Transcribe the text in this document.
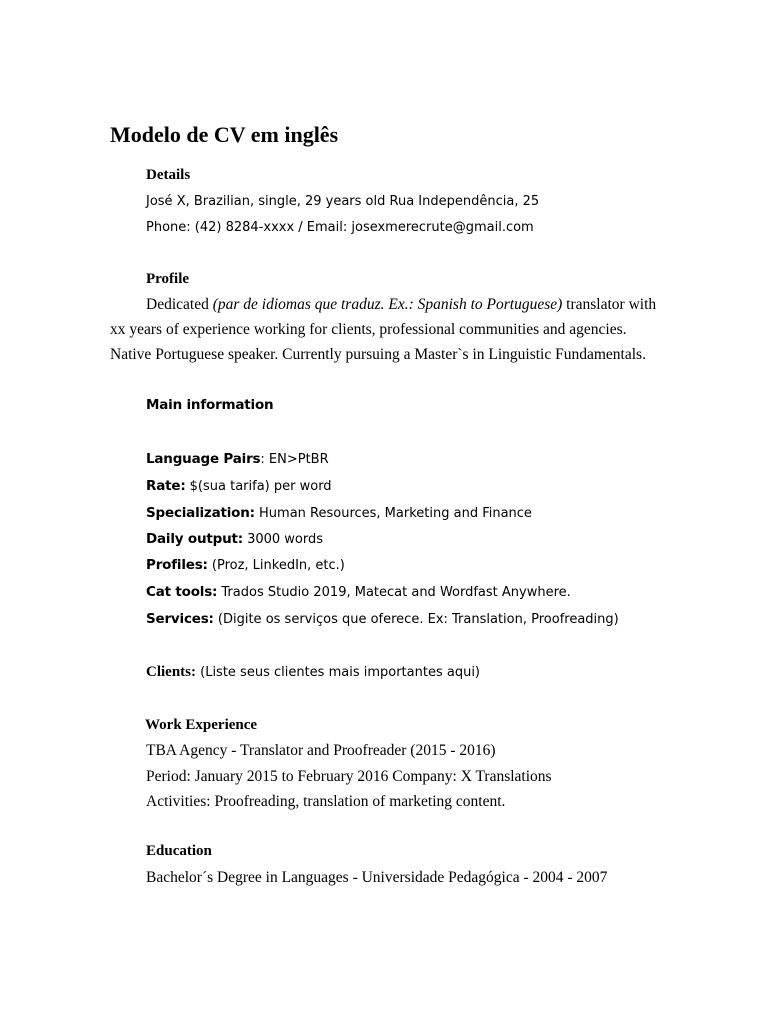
Modelo de CV em inglês
Details
José X, Brazilian, single, 29 years old Rua Independência, 25
Phone: (42) 8284-xxxx / Email: josexmerecrute@gmail.com
Profile
Dedicated (par de idiomas que traduz. Ex.: Spanish to Portuguese) translator with
xx years of experience working for clients, professional communities and agencies.
Native Portuguese speaker. Currently pursuing a Master`s in Linguistic Fundamentals.
Main information
Language Pairs: EN>PtBR
Rate: $(sua tarifa) per word
Specialization: Human Resources, Marketing and Finance
Daily output: 3000 words
Profiles: (Proz, LinkedIn, etc.)
Cat tools: Trados Studio 2019, Matecat and Wordfast Anywhere.
Services: (Digite os serviços que oferece. Ex: Translation, Proofreading)
Clients: (Liste seus clientes mais importantes aqui)
Work Experience
TBA Agency - Translator and Proofreader (2015 - 2016)
Period: January 2015 to February 2016 Company: X Translations
Activities: Proofreading, translation of marketing content.
Education
Bachelor´s Degree in Languages - Universidade Pedagógica - 2004 - 2007
